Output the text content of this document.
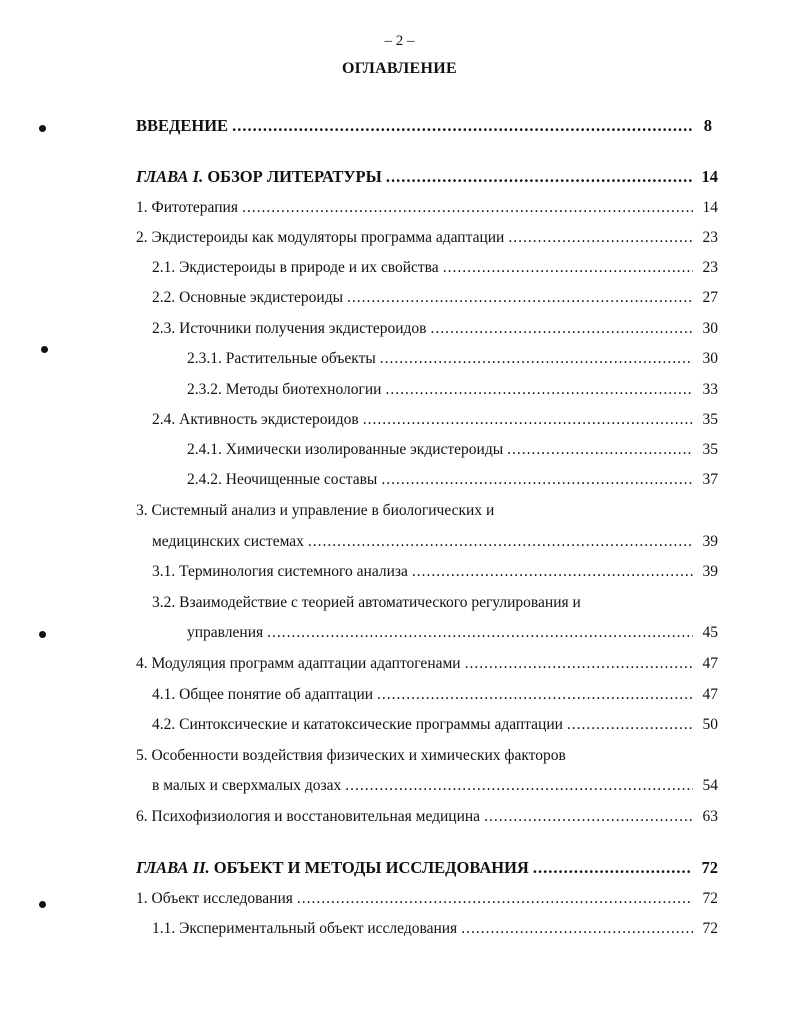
– 2 –
ОГЛАВЛЕНИЕ
ВВЕДЕНИЕ .....	8
ГЛАВА I. ОБЗОР ЛИТЕРАТУРЫ .....	14
1. Фитотерапия .....	14
2. Экдистероиды как модуляторы программа адаптации .....	23
2.1. Экдистероиды в природе и их свойства .....	23
2.2. Основные экдистероиды .....	27
2.3. Источники получения экдистероидов .....	30
2.3.1. Растительные объекты .....	30
2.3.2. Методы биотехнологии .....	33
2.4. Активность экдистероидов .....	35
2.4.1. Химически изолированные экдистероиды .....	35
2.4.2. Неочищенные составы .....	37
3. Системный анализ и управление в биологических и
медицинских системах .....	39
3.1. Терминология системного анализа .....	39
3.2. Взаимодействие с теорией автоматического регулирования и
управления .....	45
4. Модуляция программ адаптации адаптогенами .....	47
4.1. Общее понятие об адаптации .....	47
4.2. Синтоксические и кататоксические программы адаптации .....	50
5. Особенности воздействия физических и химических факторов
в малых и сверхмалых дозах .....	54
6. Психофизиология и восстановительная медицина .....	63
ГЛАВА II. ОБЪЕКТ И МЕТОДЫ ИССЛЕДОВАНИЯ .....	72
1. Объект исследования .....	72
1.1. Экспериментальный объект исследования .....	72
